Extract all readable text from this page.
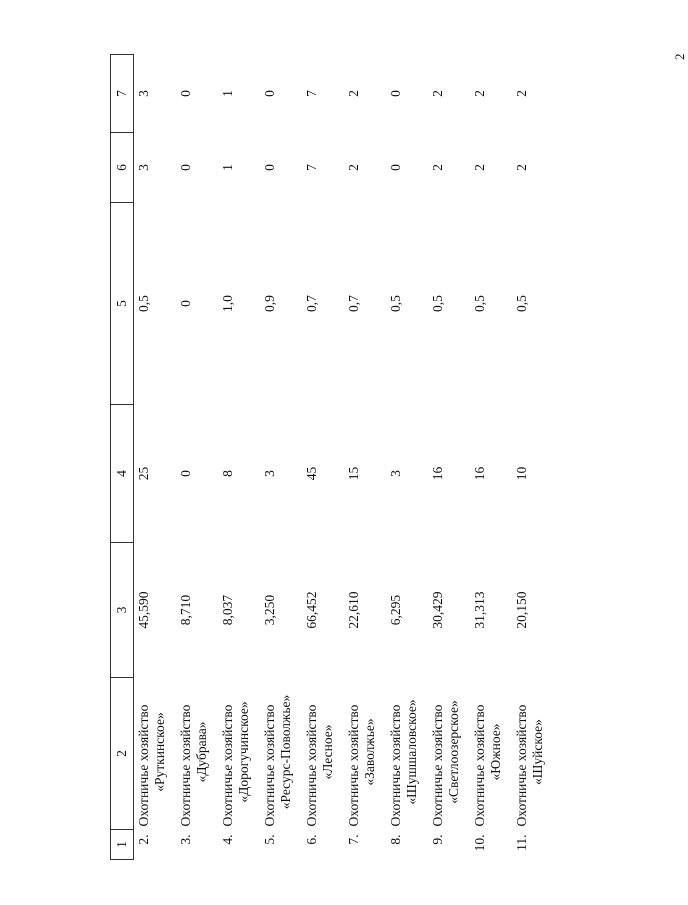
2
1	2	3	4	5	6	7
2.	Охотничье хозяйство «Руткинское»	45,590	25	0,5	3	3
3.	Охотничье хозяйство «Дубрава»	8,710	0	0	0	0
4.	Охотничье хозяйство «Дорогучинское»	8,037	8	1,0	1	1
5.	Охотничье хозяйство «Ресурс-Поволжье»	3,250	3	0,9	0	0
6.	Охотничье хозяйство «Лесное»	66,452	45	0,7	7	7
7.	Охотничье хозяйство «Заволжье»	22,610	15	0,7	2	2
8.	Охотничье хозяйство «Шушшаловское»	6,295	3	0,5	0	0
9.	Охотничье хозяйство «Светлоозерское»	30,429	16	0,5	2	2
10.	Охотничье хозяйство «Южное»	31,313	16	0,5	2	2
11.	Охотничье хозяйство «Шуйское»	20,150	10	0,5	2	2
